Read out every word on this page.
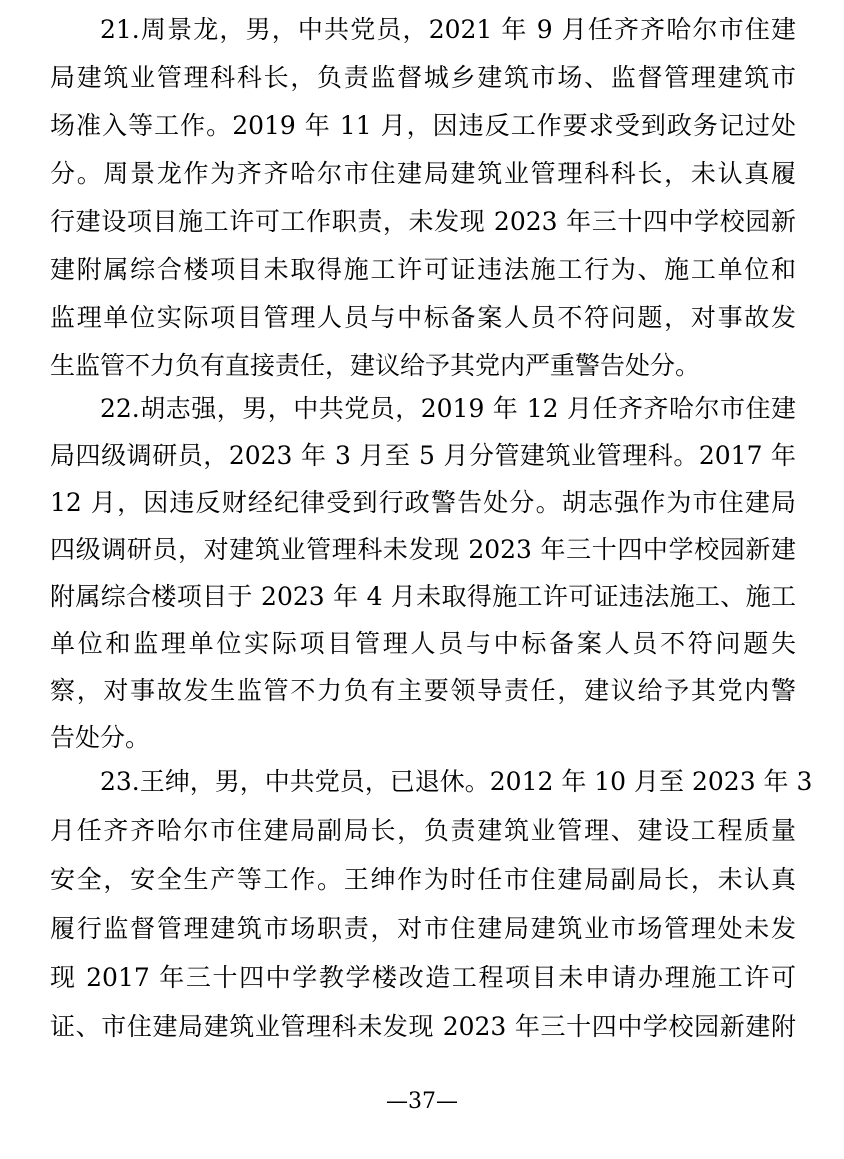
21.周景龙，男，中共党员，2021 年 9 月任齐齐哈尔市住建
局建筑业管理科科长，负责监督城乡建筑市场、监督管理建筑市
场准入等工作。2019 年 11 月，因违反工作要求受到政务记过处
分。周景龙作为齐齐哈尔市住建局建筑业管理科科长，未认真履
行建设项目施工许可工作职责，未发现 2023 年三十四中学校园新
建附属综合楼项目未取得施工许可证违法施工行为、施工单位和
监理单位实际项目管理人员与中标备案人员不符问题，对事故发
生监管不力负有直接责任，建议给予其党内严重警告处分。
22.胡志强，男，中共党员，2019 年 12 月任齐齐哈尔市住建
局四级调研员，2023 年 3 月至 5 月分管建筑业管理科。2017 年
12 月，因违反财经纪律受到行政警告处分。胡志强作为市住建局
四级调研员，对建筑业管理科未发现 2023 年三十四中学校园新建
附属综合楼项目于 2023 年 4 月未取得施工许可证违法施工、施工
单位和监理单位实际项目管理人员与中标备案人员不符问题失
察，对事故发生监管不力负有主要领导责任，建议给予其党内警
告处分。
23.王绅，男，中共党员，已退休。2012 年 10 月至 2023 年 3
月任齐齐哈尔市住建局副局长，负责建筑业管理、建设工程质量
安全，安全生产等工作。王绅作为时任市住建局副局长，未认真
履行监督管理建筑市场职责，对市住建局建筑业市场管理处未发
现 2017 年三十四中学教学楼改造工程项目未申请办理施工许可
证、市住建局建筑业管理科未发现 2023 年三十四中学校园新建附
—37—
